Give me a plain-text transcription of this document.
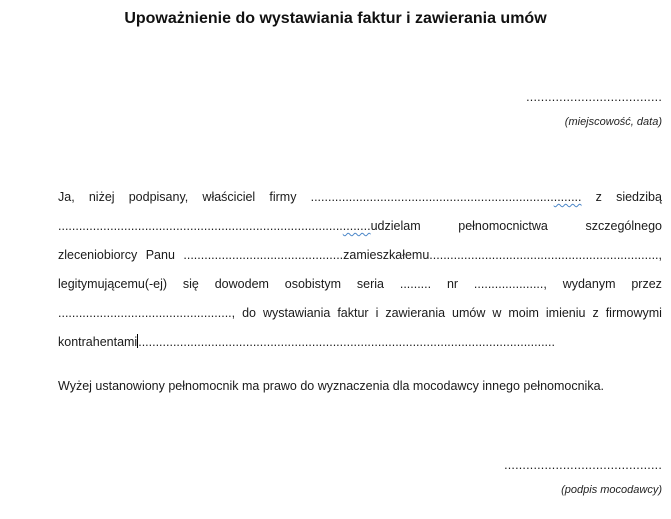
Upoważnienie do wystawiania faktur i zawierania umów
.....................................
(miejscowość, data)
Ja, niżej podpisany, właściciel firmy .............................................................................. z siedzibą
..........................................................................................udzielam	pełnomocnictwa	szczególnego
zleceniobiorcy Panu ..............................................zamieszkałemu..................................................................,
legitymującemu(-ej) się dowodem osobistym seria ......... nr ...................., wydanym przez
.................................................., do wystawiania faktur i zawierania umów w moim imieniu z firmowymi
kontrahentami........................................................................................................................
Wyżej ustanowiony pełnomocnik ma prawo do wyznaczenia dla mocodawcy innego pełnomocnika.
...........................................
(podpis mocodawcy)
